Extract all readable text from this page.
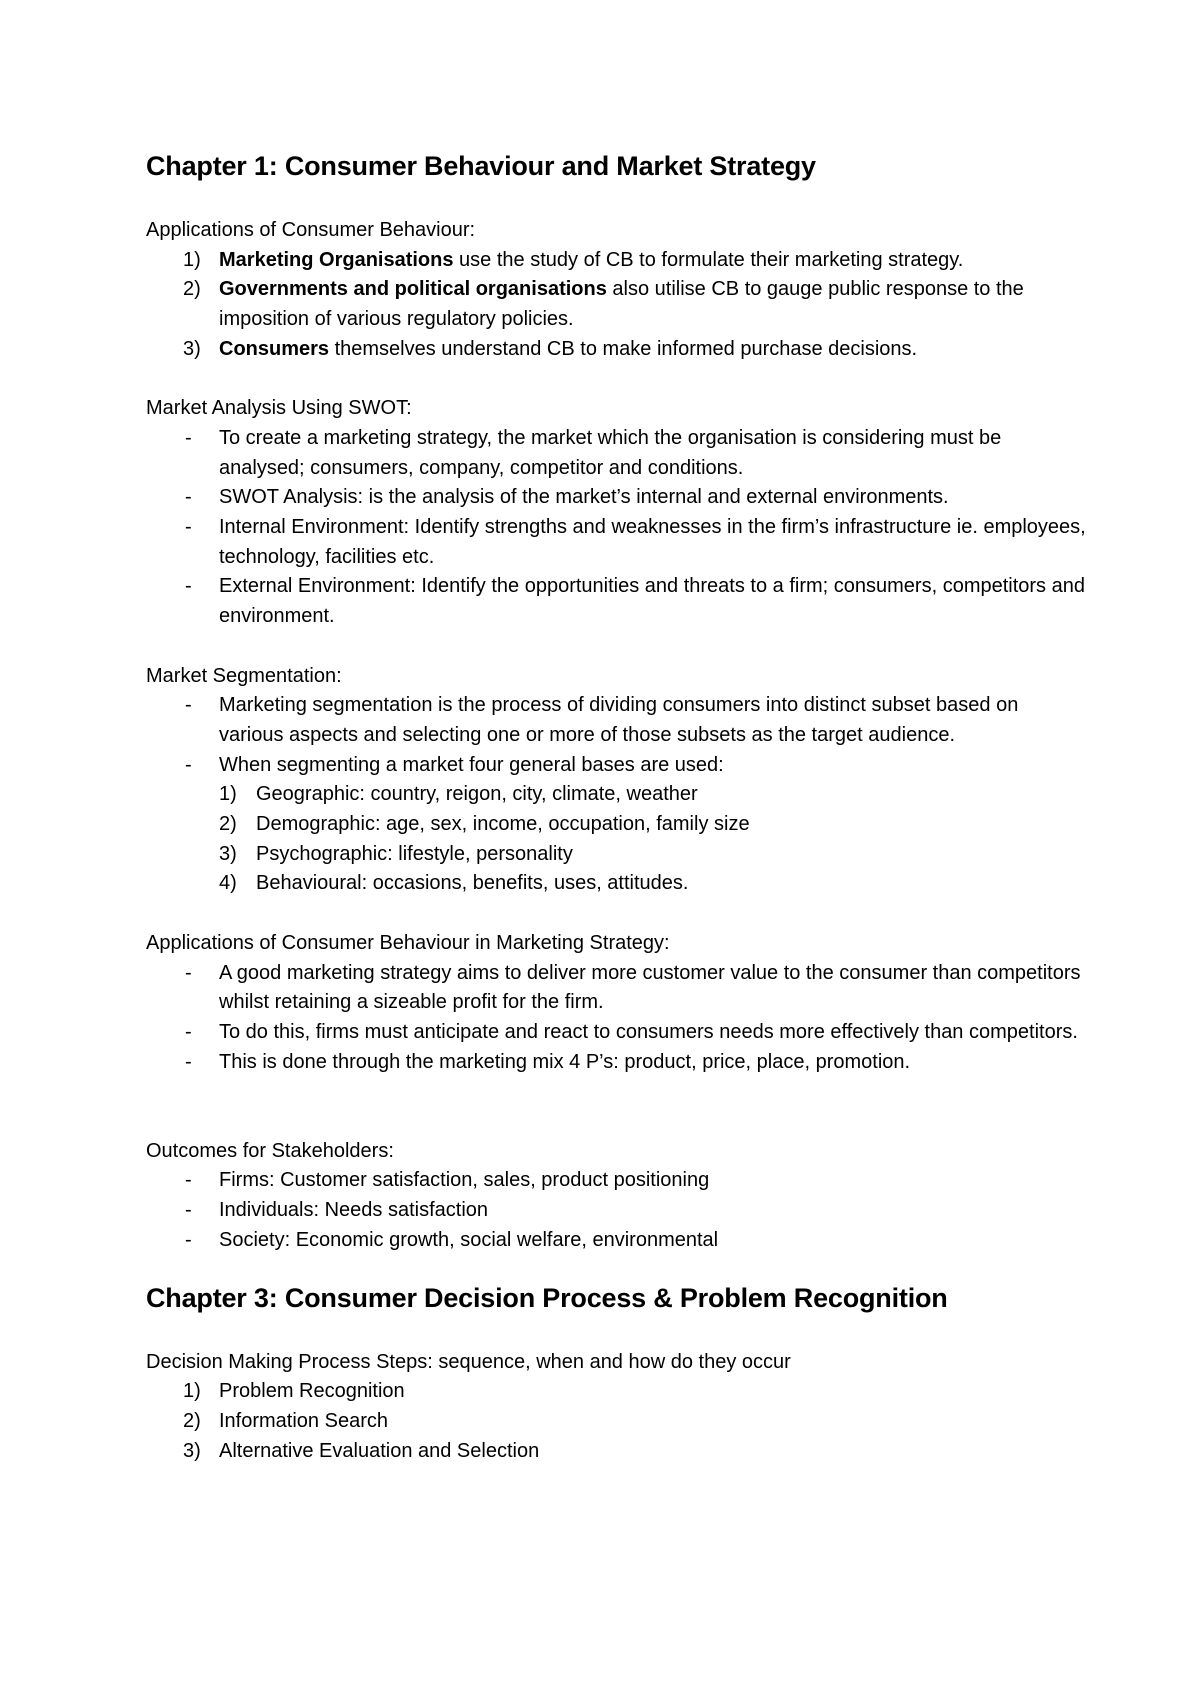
Chapter 1: Consumer Behaviour and Market Strategy

Applications of Consumer Behaviour:

1) Marketing Organisations use the study of CB to formulate their marketing strategy.
2) Governments and political organisations also utilise CB to gauge public response to the imposition of various regulatory policies.
3) Consumers themselves understand CB to make informed purchase decisions.

Market Analysis Using SWOT:

- To create a marketing strategy, the market which the organisation is considering must be analysed; consumers, company, competitor and conditions.
- SWOT Analysis: is the analysis of the market’s internal and external environments.
- Internal Environment: Identify strengths and weaknesses in the firm’s infrastructure ie. employees, technology, facilities etc.
- External Environment: Identify the opportunities and threats to a firm; consumers, competitors and environment.

Market Segmentation:

- Marketing segmentation is the process of dividing consumers into distinct subset based on various aspects and selecting one or more of those subsets as the target audience.
- When segmenting a market four general bases are used:
1) Geographic: country, reigon, city, climate, weather
2) Demographic: age, sex, income, occupation, family size
3) Psychographic: lifestyle, personality
4) Behavioural: occasions, benefits, uses, attitudes.

Applications of Consumer Behaviour in Marketing Strategy:

- A good marketing strategy aims to deliver more customer value to the consumer than competitors whilst retaining a sizeable profit for the firm.
- To do this, firms must anticipate and react to consumers needs more effectively than competitors.
- This is done through the marketing mix 4 P’s: product, price, place, promotion.

Outcomes for Stakeholders:

- Firms: Customer satisfaction, sales, product positioning
- Individuals: Needs satisfaction
- Society: Economic growth, social welfare, environmental
Chapter 3: Consumer Decision Process & Problem Recognition

Decision Making Process Steps: sequence, when and how do they occur

1) Problem Recognition
2) Information Search
3) Alternative Evaluation and Selection
